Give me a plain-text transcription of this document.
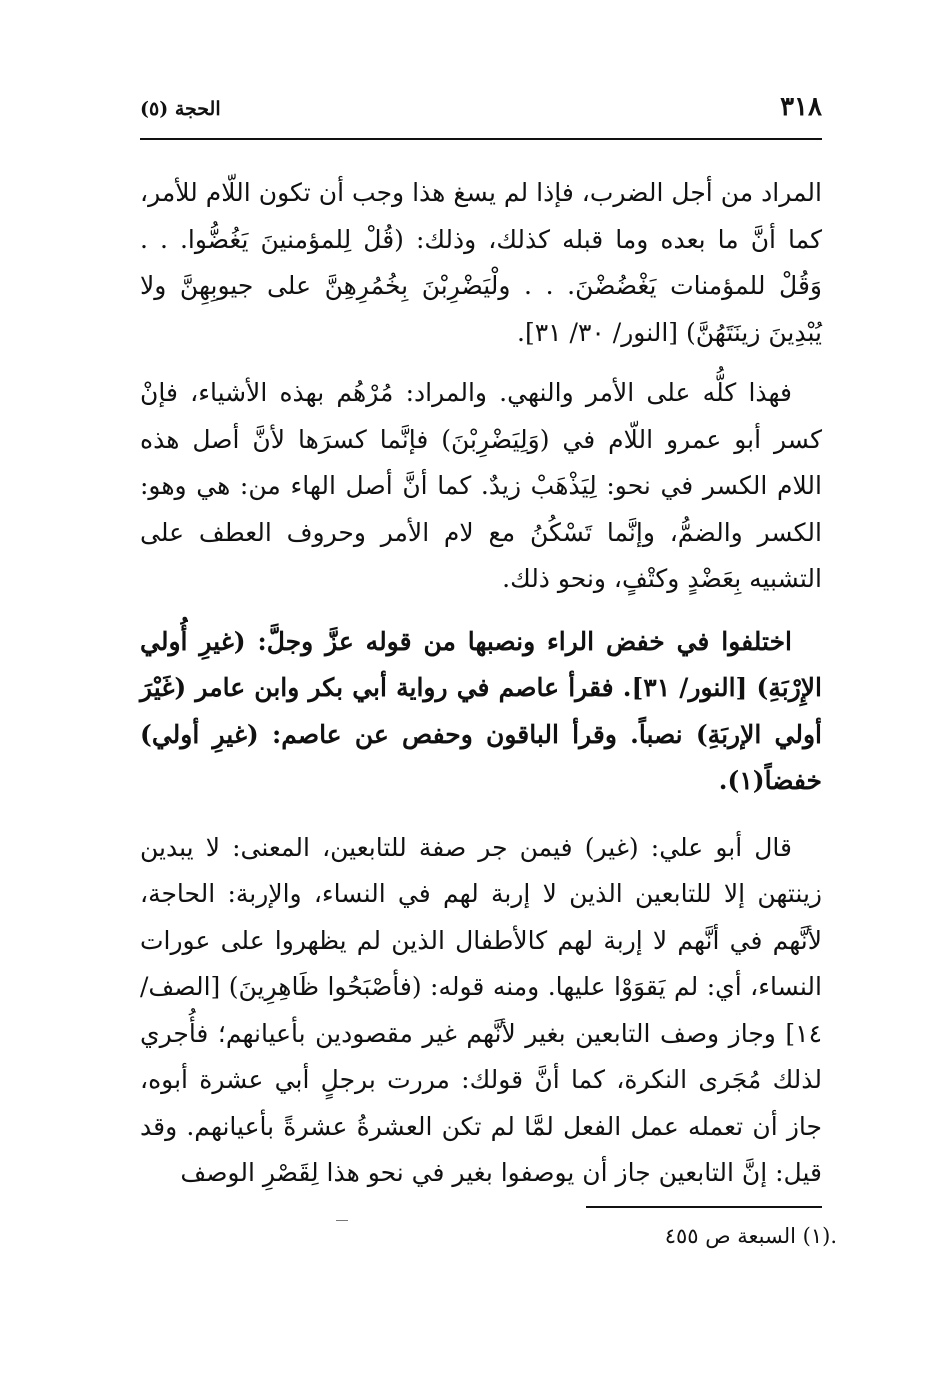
٣١٨
الحجة (٥)

المراد من أجل الضرب، فإذا لم يسغ هذا وجب أن تكون اللّام للأمر، كما أنَّ ما بعده وما قبله كذلك، وذلك: (قُلْ لِلمؤمنينَ يَغُضُّوا. . . وَقُلْ للمؤمنات يَغْضُضْنَ. . . ولْيَضْرِبْنَ بِخُمُرِهِنَّ على جيوبِهِنَّ ولا يُبْدِينَ زينَتَهُنَّ) [النور/ ٣٠/ ٣١].

فهذا كلُّه على الأمر والنهي. والمراد: مُرْهُم بهذه الأشياء، فإنْ كسر أبو عمرو اللّام في (وَلِيَضْرِبْنَ) فإنَّما كسرَها لأنَّ أصل هذه اللام الكسر في نحو: لِيَذْهَبْ زيدٌ. كما أنَّ أصل الهاء من: هي وهو: الكسر والضمُّ، وإنَّما تَسْكُنُ مع لام الأمر وحروف العطف على التشبيه بِعَضْدٍ وكتْفٍ، ونحو ذلك.

اختلفوا في خفض الراء ونصبها من قوله عزَّ وجلَّ: (غيرِ أُولي الإِرْبَةِ) [النور/ ٣١]. فقرأ عاصم في رواية أبي بكر وابن عامر (غَيْرَ أولي الإربَةِ) نصباً. وقرأ الباقون وحفص عن عاصم: (غيرِ أولي) خفضاً(١).

قال أبو علي: (غير) فيمن جر صفة للتابعين، المعنى: لا يبدين زينتهن إلا للتابعين الذين لا إربة لهم في النساء، والإربة: الحاجة، لأنَّهم في أنَّهم لا إربة لهم كالأطفال الذين لم يظهروا على عورات النساء، أي: لم يَقوَوْا عليها. ومنه قوله: (فأصْبَحُوا ظَاهِرِينَ) [الصف/ ١٤] وجاز وصف التابعين بغير لأنَّهم غير مقصودين بأعيانهم؛ فأُجري لذلك مُجَرى النكرة، كما أنَّ قولك: مررت برجلٍ أبي عشرة أبوه، جاز أن تعمله عمل الفعل لمَّا لم تكن العشرةُ عشرةً بأعيانهم. وقد قيل: إنَّ التابعين جاز أن يوصفوا بغير في نحو هذا لِقَصْرِ الوصف

.(١) السبعة ص ٤٥٥
